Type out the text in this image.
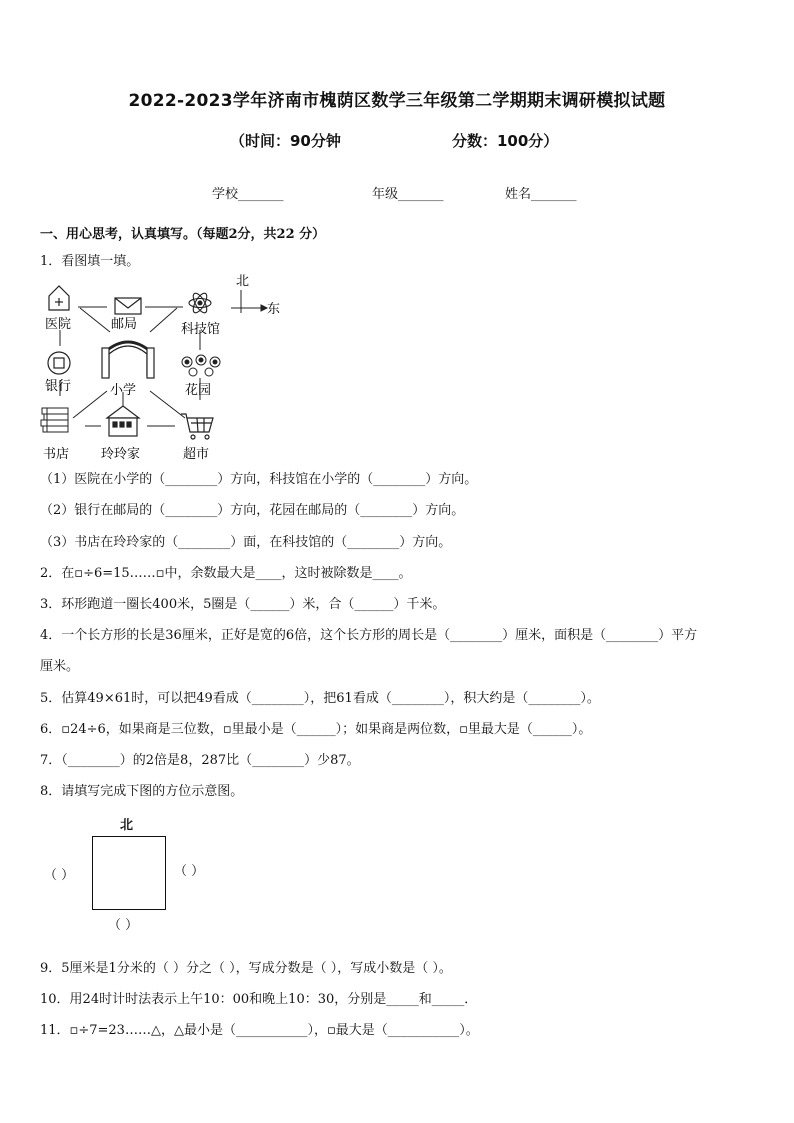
2022-2023学年济南市槐荫区数学三年级第二学期期末调研模拟试题
（时间：90分钟	分数：100分）
学校_______	年级_______	姓名_______
一、用心思考，认真填写。（每题2分，共22 分）
1．看图填一填。
北
东
医院	邮局	科技馆
银行	小学	花园
书店 玲玲家	超市
（1）医院在小学的（________）方向，科技馆在小学的（________）方向。
（2）银行在邮局的（________）方向，花园在邮局的（________）方向。
（3）书店在玲玲家的（________）面，在科技馆的（________）方向。
2．在▫÷6=15……▫中，余数最大是____，这时被除数是____。
3．环形跑道一圈长400米，5圈是（______）米，合（______）千米。
4．一个长方形的长是36厘米，正好是宽的6倍，这个长方形的周长是（________）厘米，面积是（________）平方
厘米。
5．估算49×61时，可以把49看成（________），把61看成（________），积大约是（________）。
6．▫24÷6，如果商是三位数，▫里最小是（______）；如果商是两位数，▫里最大是（______）。
7．（________）的2倍是8，287比（________）少87。
8．请填写完成下图的方位示意图。
北
（ ）	（ ）
（ ）
9．5厘米是1分米的（ ）分之（ ），写成分数是（ ），写成小数是（ ）。
10．用24时计时法表示上午10：00和晚上10：30，分别是_____和_____．
11．▫÷7=23……△，△最小是（___________），▫最大是（___________）。
